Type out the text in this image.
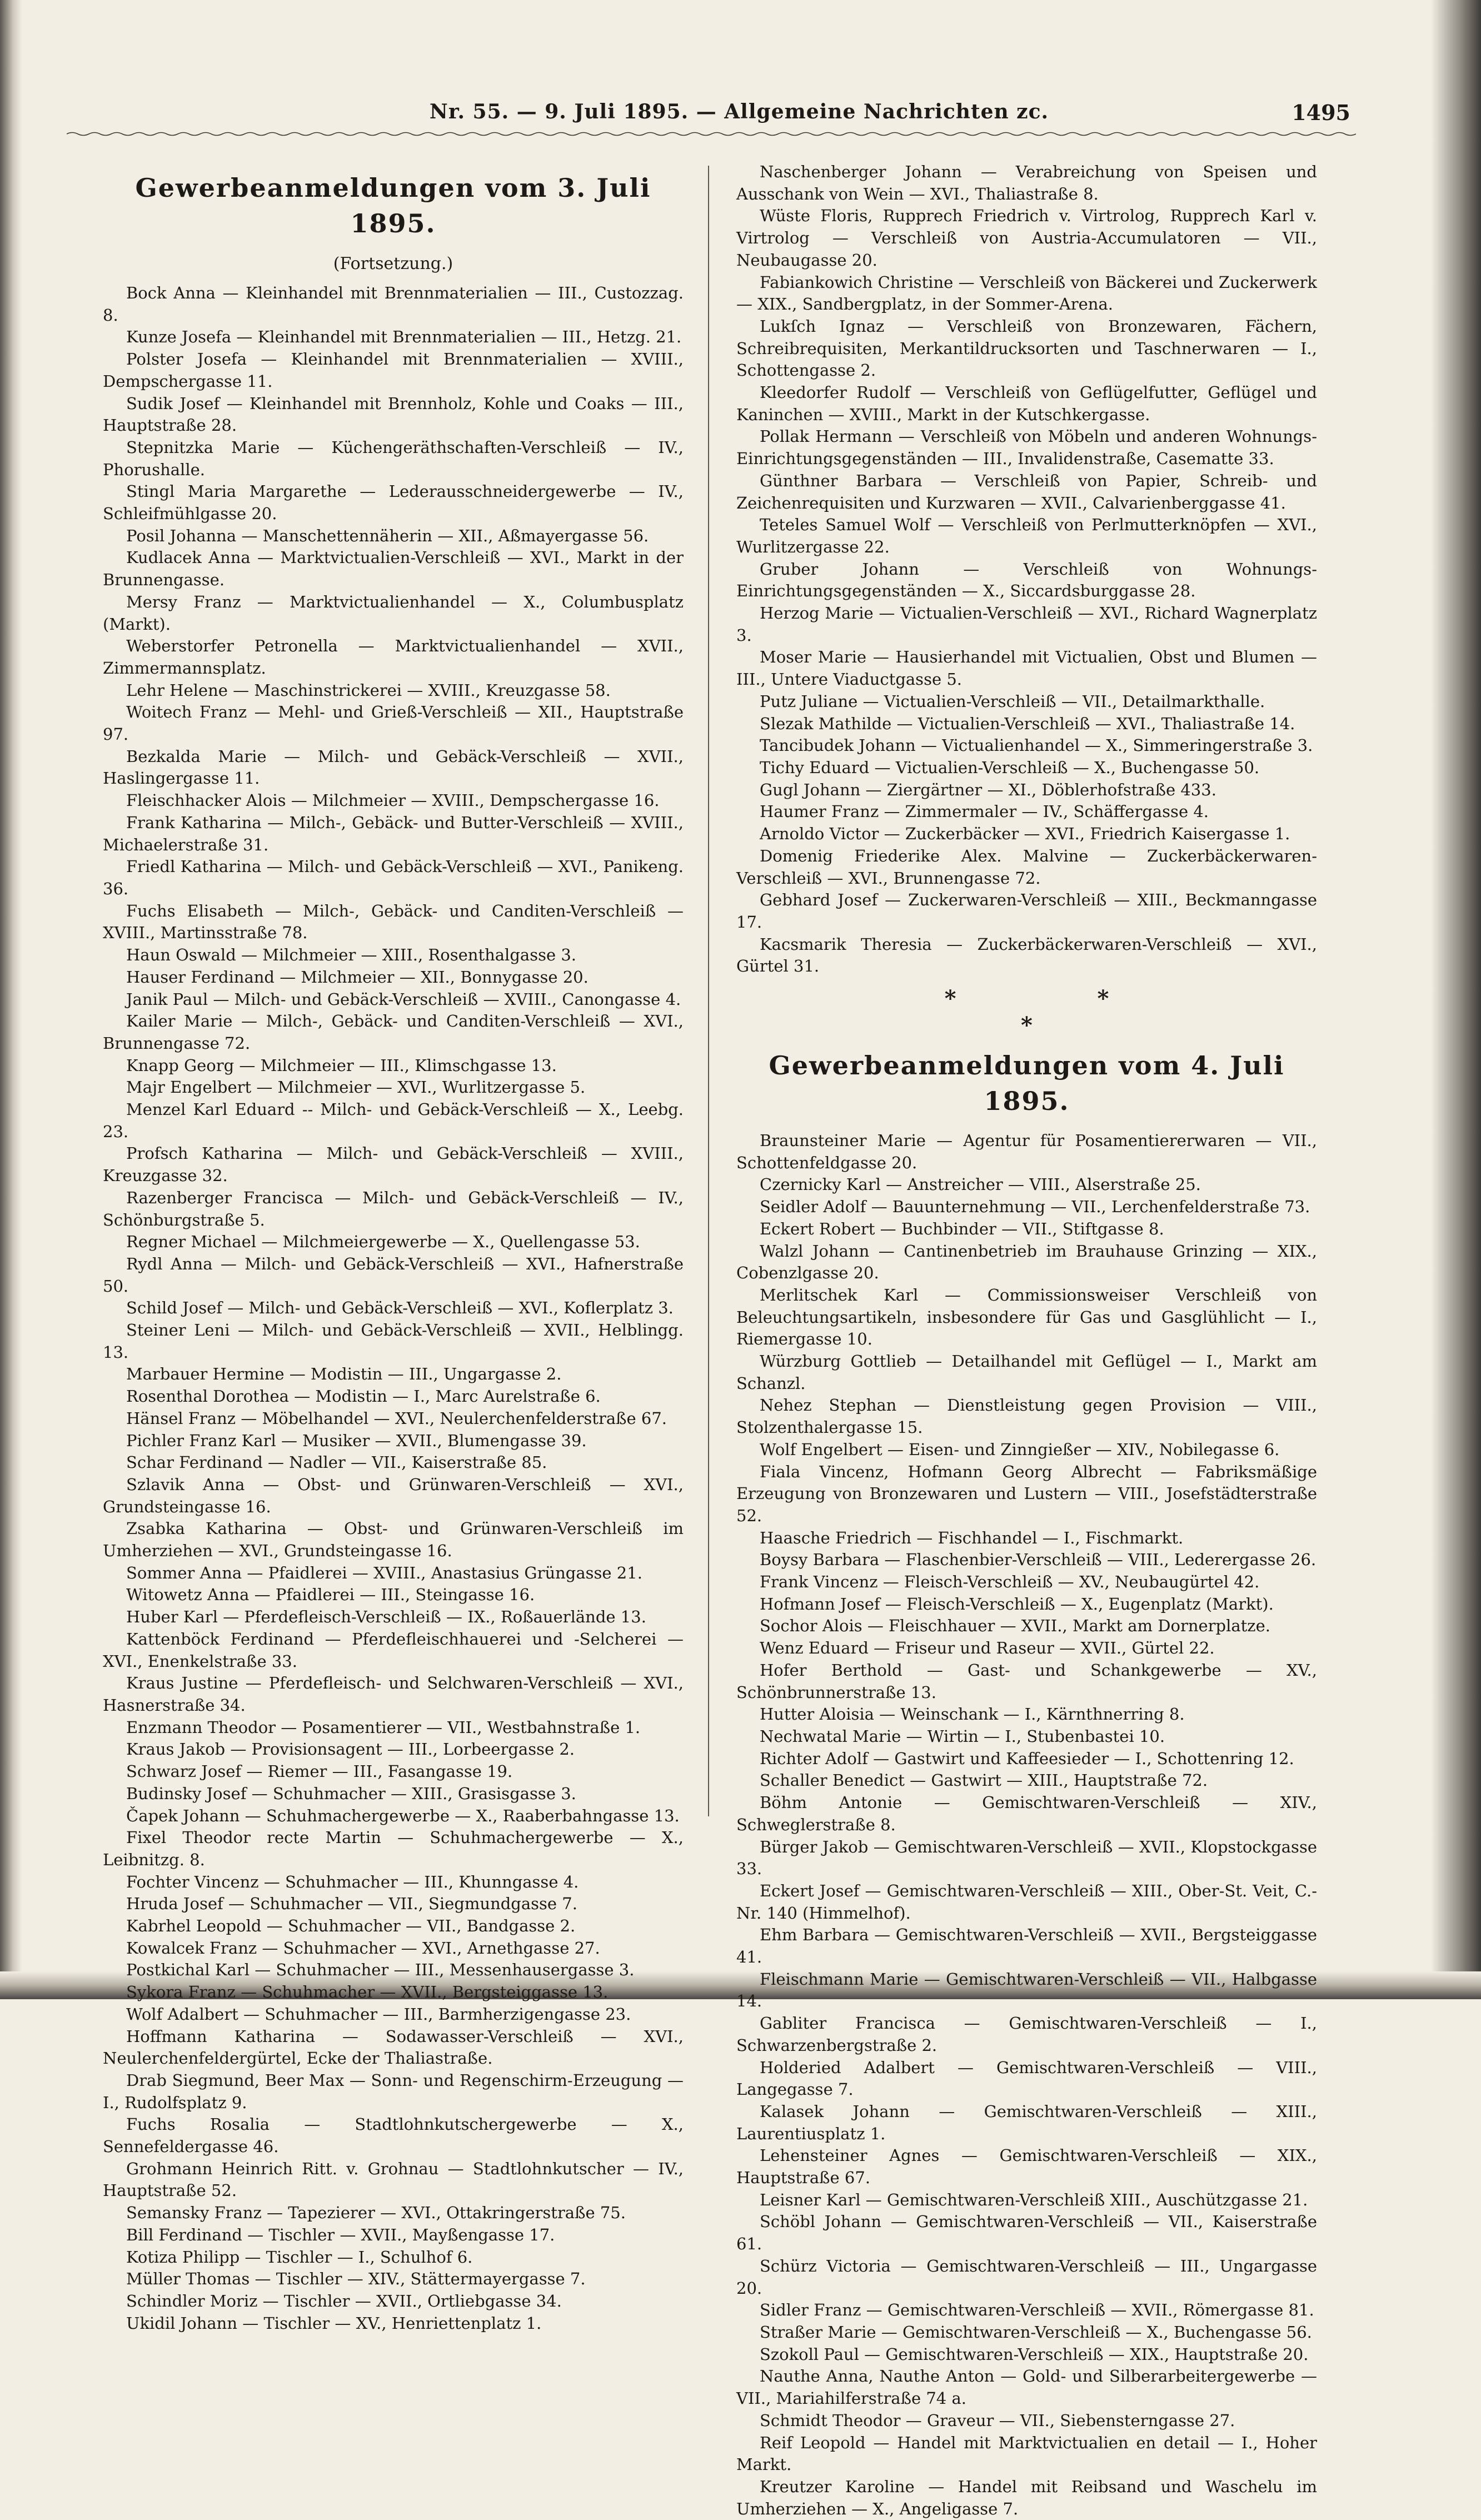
Nr. 55. — 9. Juli 1895. — Allgemeine Nachrichten zc.	1495
Gewerbeanmeldungen vom 3. Juli 1895.
(Fortsetzung.)

Bock Anna — Kleinhandel mit Brennmaterialien — III., Custozzag. 8.

Kunze Josefa — Kleinhandel mit Brennmaterialien — III., Hetzg. 21.

Polster Josefa — Kleinhandel mit Brennmaterialien — XVIII., Dempschergasse 11.

Sudik Josef — Kleinhandel mit Brennholz, Kohle und Coaks — III., Hauptstraße 28.

Stepnitzka Marie — Küchengeräthschaften-Verschleiß — IV., Phorushalle.

Stingl Maria Margarethe — Lederausschneidergewerbe — IV., Schleifmühlgasse 20.

Posil Johanna — Manschettennäherin — XII., Aßmayergasse 56.

Kudlacek Anna — Marktvictualien-Verschleiß — XVI., Markt in der Brunnengasse.

Mersy Franz — Marktvictualienhandel — X., Columbusplatz (Markt).

Weberstorfer Petronella — Marktvictualienhandel — XVII., Zimmermannsplatz.

Lehr Helene — Maschinstrickerei — XVIII., Kreuzgasse 58.

Woitech Franz — Mehl- und Grieß-Verschleiß — XII., Hauptstraße 97.

Bezkalda Marie — Milch- und Gebäck-Verschleiß — XVII., Haslingergasse 11.

Fleischhacker Alois — Milchmeier — XVIII., Dempschergasse 16.

Frank Katharina — Milch-, Gebäck- und Butter-Verschleiß — XVIII., Michaelerstraße 31.

Friedl Katharina — Milch- und Gebäck-Verschleiß — XVI., Panikeng. 36.

Fuchs Elisabeth — Milch-, Gebäck- und Canditen-Verschleiß — XVIII., Martinsstraße 78.

Haun Oswald — Milchmeier — XIII., Rosenthalgasse 3.

Hauser Ferdinand — Milchmeier — XII., Bonnygasse 20.

Janik Paul — Milch- und Gebäck-Verschleiß — XVIII., Canongasse 4.

Kailer Marie — Milch-, Gebäck- und Canditen-Verschleiß — XVI., Brunnengasse 72.

Knapp Georg — Milchmeier — III., Klimschgasse 13.

Majr Engelbert — Milchmeier — XVI., Wurlitzergasse 5.

Menzel Karl Eduard -- Milch- und Gebäck-Verschleiß — X., Leebg. 23.

Profsch Katharina — Milch- und Gebäck-Verschleiß — XVIII., Kreuzgasse 32.

Razenberger Francisca — Milch- und Gebäck-Verschleiß — IV., Schönburgstraße 5.

Regner Michael — Milchmeiergewerbe — X., Quellengasse 53.

Rydl Anna — Milch- und Gebäck-Verschleiß — XVI., Hafnerstraße 50.

Schild Josef — Milch- und Gebäck-Verschleiß — XVI., Koflerplatz 3.

Steiner Leni — Milch- und Gebäck-Verschleiß — XVII., Helblingg. 13.

Marbauer Hermine — Modistin — III., Ungargasse 2.

Rosenthal Dorothea — Modistin — I., Marc Aurelstraße 6.

Hänsel Franz — Möbelhandel — XVI., Neulerchenfelderstraße 67.

Pichler Franz Karl — Musiker — XVII., Blumengasse 39.

Schar Ferdinand — Nadler — VII., Kaiserstraße 85.

Szlavik Anna — Obst- und Grünwaren-Verschleiß — XVI., Grundsteingasse 16.

Zsabka Katharina — Obst- und Grünwaren-Verschleiß im Umherziehen — XVI., Grundsteingasse 16.

Sommer Anna — Pfaidlerei — XVIII., Anastasius Grüngasse 21.

Witowetz Anna — Pfaidlerei — III., Steingasse 16.

Huber Karl — Pferdefleisch-Verschleiß — IX., Roßauerlände 13.

Kattenböck Ferdinand — Pferdefleischhauerei und -Selcherei — XVI., Enenkelstraße 33.

Kraus Justine — Pferdefleisch- und Selchwaren-Verschleiß — XVI., Hasnerstraße 34.

Enzmann Theodor — Posamentierer — VII., Westbahnstraße 1.

Kraus Jakob — Provisionsagent — III., Lorbeergasse 2.

Schwarz Josef — Riemer — III., Fasangasse 19.

Budinsky Josef — Schuhmacher — XIII., Grasisgasse 3.

Čapek Johann — Schuhmachergewerbe — X., Raaberbahngasse 13.

Fixel Theodor recte Martin — Schuhmachergewerbe — X., Leibnitzg. 8.

Fochter Vincenz — Schuhmacher — III., Khunngasse 4.

Hruda Josef — Schuhmacher — VII., Siegmundgasse 7.

Kabrhel Leopold — Schuhmacher — VII., Bandgasse 2.

Kowalcek Franz — Schuhmacher — XVI., Arnethgasse 27.

Postkichal Karl — Schuhmacher — III., Messenhausergasse 3.

Sykora Franz — Schuhmacher — XVII., Bergsteiggasse 13.

Wolf Adalbert — Schuhmacher — III., Barmherzigengasse 23.

Hoffmann Katharina — Sodawasser-Verschleiß — XVI., Neulerchenfeldergürtel, Ecke der Thaliastraße.

Drab Siegmund, Beer Max — Sonn- und Regenschirm-Erzeugung — I., Rudolfsplatz 9.

Fuchs Rosalia — Stadtlohnkutschergewerbe — X., Sennefeldergasse 46.

Grohmann Heinrich Ritt. v. Grohnau — Stadtlohnkutscher — IV., Hauptstraße 52.

Semansky Franz — Tapezierer — XVI., Ottakringerstraße 75.

Bill Ferdinand — Tischler — XVII., Mayßengasse 17.

Kotiza Philipp — Tischler — I., Schulhof 6.

Müller Thomas — Tischler — XIV., Stättermayergasse 7.

Schindler Moriz — Tischler — XVII., Ortliebgasse 34.

Ukidil Johann — Tischler — XV., Henriettenplatz 1.

Naschenberger Johann — Verabreichung von Speisen und Ausschank von Wein — XVI., Thaliastraße 8.

Wüste Floris, Rupprech Friedrich v. Virtrolog, Rupprech Karl v. Virtrolog — Verschleiß von Austria-Accumulatoren — VII., Neubaugasse 20.

Fabiankowich Christine — Verschleiß von Bäckerei und Zuckerwerk — XIX., Sandbergplatz, in der Sommer-Arena.

Lukſch Ignaz — Verschleiß von Bronzewaren, Fächern, Schreibrequisiten, Merkantildrucksorten und Taschnerwaren — I., Schottengasse 2.

Kleedorfer Rudolf — Verschleiß von Geflügelfutter, Geflügel und Kaninchen — XVIII., Markt in der Kutschkergasse.

Pollak Hermann — Verschleiß von Möbeln und anderen Wohnungs-Einrichtungsgegenständen — III., Invalidenstraße, Casematte 33.

Günthner Barbara — Verschleiß von Papier, Schreib- und Zeichenrequisiten und Kurzwaren — XVII., Calvarienberggasse 41.

Teteles Samuel Wolf — Verschleiß von Perlmutterknöpfen — XVI., Wurlitzergasse 22.

Gruber Johann — Verschleiß von Wohnungs-Einrichtungsgegenständen — X., Siccardsburggasse 28.

Herzog Marie — Victualien-Verschleiß — XVI., Richard Wagnerplatz 3.

Moser Marie — Hausierhandel mit Victualien, Obst und Blumen — III., Untere Viaductgasse 5.

Putz Juliane — Victualien-Verschleiß — VII., Detailmarkthalle.

Slezak Mathilde — Victualien-Verschleiß — XVI., Thaliastraße 14.

Tancibudek Johann — Victualienhandel — X., Simmeringerstraße 3.

Tichy Eduard — Victualien-Verschleiß — X., Buchengasse 50.

Gugl Johann — Ziergärtner — XI., Döblerhofstraße 433.

Haumer Franz — Zimmermaler — IV., Schäffergasse 4.

Arnoldo Victor — Zuckerbäcker — XVI., Friedrich Kaisergasse 1.

Domenig Friederike Alex. Malvine — Zuckerbäckerwaren-Verschleiß — XVI., Brunnengasse 72.

Gebhard Josef — Zuckerwaren-Verschleiß — XIII., Beckmanngasse 17.

Kacsmarik Theresia — Zuckerbäckerwaren-Verschleiß — XVI., Gürtel 31.

* *
*
Gewerbeanmeldungen vom 4. Juli 1895.

Braunsteiner Marie — Agentur für Posamentiererwaren — VII., Schottenfeldgasse 20.

Czernicky Karl — Anstreicher — VIII., Alserstraße 25.

Seidler Adolf — Bauunternehmung — VII., Lerchenfelderstraße 73.

Eckert Robert — Buchbinder — VII., Stiftgasse 8.

Walzl Johann — Cantinenbetrieb im Brauhause Grinzing — XIX., Cobenzlgasse 20.

Merlitschek Karl — Commissionsweiser Verschleiß von Beleuchtungsartikeln, insbesondere für Gas und Gasglühlicht — I., Riemergasse 10.

Würzburg Gottlieb — Detailhandel mit Geflügel — I., Markt am Schanzl.

Nehez Stephan — Dienstleistung gegen Provision — VIII., Stolzenthalergasse 15.

Wolf Engelbert — Eisen- und Zinngießer — XIV., Nobilegasse 6.

Fiala Vincenz, Hofmann Georg Albrecht — Fabriksmäßige Erzeugung von Bronzewaren und Lustern — VIII., Josefstädterstraße 52.

Haasche Friedrich — Fischhandel — I., Fischmarkt.

Boysy Barbara — Flaschenbier-Verschleiß — VIII., Lederergasse 26.

Frank Vincenz — Fleisch-Verschleiß — XV., Neubaugürtel 42.

Hofmann Josef — Fleisch-Verschleiß — X., Eugenplatz (Markt).

Sochor Alois — Fleischhauer — XVII., Markt am Dornerplatze.

Wenz Eduard — Friseur und Raseur — XVII., Gürtel 22.

Hofer Berthold — Gast- und Schankgewerbe — XV., Schönbrunnerstraße 13.

Hutter Aloisia — Weinschank — I., Kärnthnerring 8.

Nechwatal Marie — Wirtin — I., Stubenbastei 10.

Richter Adolf — Gastwirt und Kaffeesieder — I., Schottenring 12.

Schaller Benedict — Gastwirt — XIII., Hauptstraße 72.

Böhm Antonie — Gemischtwaren-Verschleiß — XIV., Schweglerstraße 8.

Bürger Jakob — Gemischtwaren-Verschleiß — XVII., Klopstockgasse 33.

Eckert Josef — Gemischtwaren-Verschleiß — XIII., Ober-St. Veit, C.-Nr. 140 (Himmelhof).

Ehm Barbara — Gemischtwaren-Verschleiß — XVII., Bergsteiggasse 41.

Fleischmann Marie — Gemischtwaren-Verschleiß — VII., Halbgasse 14.

Gabliter Francisca — Gemischtwaren-Verschleiß — I., Schwarzenbergstraße 2.

Holderied Adalbert — Gemischtwaren-Verschleiß — VIII., Langegasse 7.

Kalasek Johann — Gemischtwaren-Verschleiß — XIII., Laurentiusplatz 1.

Lehensteiner Agnes — Gemischtwaren-Verschleiß — XIX., Hauptstraße 67.

Leisner Karl — Gemischtwaren-Verschleiß XIII., Auschützgasse 21.

Schöbl Johann — Gemischtwaren-Verschleiß — VII., Kaiserstraße 61.

Schürz Victoria — Gemischtwaren-Verschleiß — III., Ungargasse 20.

Sidler Franz — Gemischtwaren-Verschleiß — XVII., Römergasse 81.

Straßer Marie — Gemischtwaren-Verschleiß — X., Buchengasse 56.

Szokoll Paul — Gemischtwaren-Verschleiß — XIX., Hauptstraße 20.

Nauthe Anna, Nauthe Anton — Gold- und Silberarbeitergewerbe — VII., Mariahilferstraße 74 a.

Schmidt Theodor — Graveur — VII., Siebensterngasse 27.

Reif Leopold — Handel mit Marktvictualien en detail — I., Hoher Markt.

Kreutzer Karoline — Handel mit Reibsand und Waschelu im Umherziehen — X., Angeligasse 7.
